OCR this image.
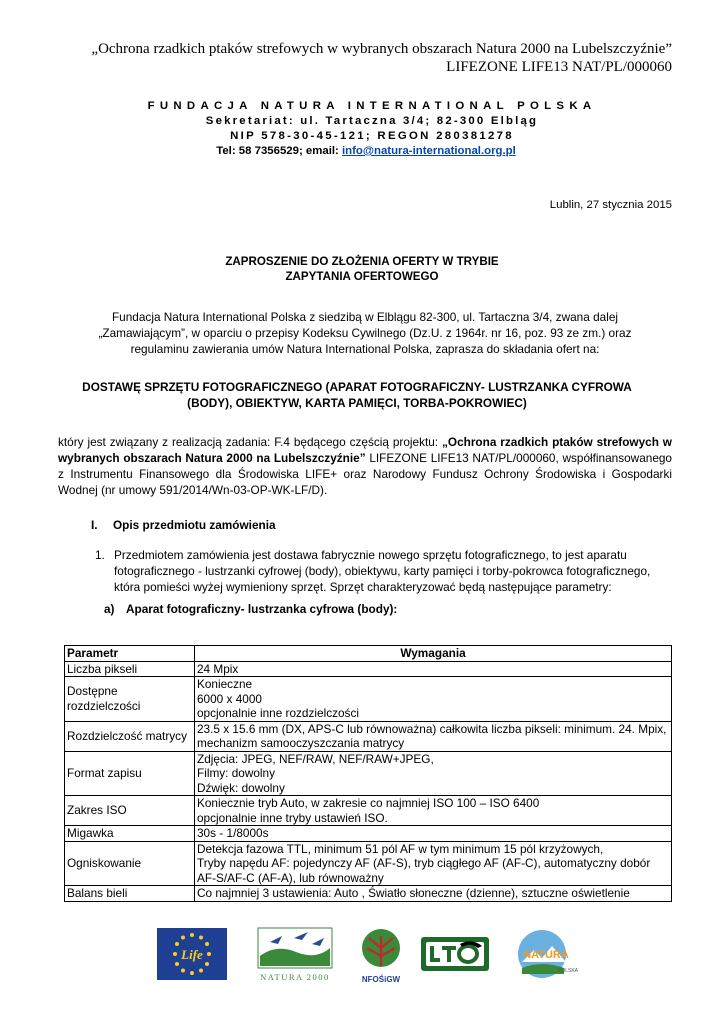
„Ochrona rzadkich ptaków strefowych w wybranych obszarach Natura 2000 na Lubelszczyźnie”
LIFEZONE LIFE13 NAT/PL/000060
FUNDACJA NATURA INTERNATIONAL POLSKA
Sekretariat: ul. Tartaczna 3/4; 82-300 Elbląg
NIP 578-30-45-121; REGON 280381278
Tel: 58 7356529; email: info@natura-international.org.pl
Lublin, 27 stycznia 2015
ZAPROSZENIE DO ZŁOŻENIA OFERTY W TRYBIE
ZAPYTANIA OFERTOWEGO
Fundacja Natura International Polska z siedzibą w Elblągu 82-300, ul. Tartaczna 3/4, zwana dalej
„Zamawiającym”, w oparciu o przepisy Kodeksu Cywilnego (Dz.U. z 1964r. nr 16, poz. 93 ze zm.) oraz
regulaminu zawierania umów Natura International Polska, zaprasza do składania ofert na:
DOSTAWĘ SPRZĘTU FOTOGRAFICZNEGO (APARAT FOTOGRAFICZNY- LUSTRZANKA CYFROWA
(BODY), OBIEKTYW, KARTA PAMIĘCI, TORBA-POKROWIEC)
który jest związany z realizacją zadania: F.4 będącego częścią projektu: „Ochrona rzadkich ptaków strefowych w wybranych obszarach Natura 2000 na Lubelszczyźnie” LIFEZONE LIFE13 NAT/PL/000060, współfinansowanego z Instrumentu Finansowego dla Środowiska LIFE+ oraz Narodowy Fundusz Ochrony Środowiska i Gospodarki Wodnej (nr umowy 591/2014/Wn-03-OP-WK-LF/D).
I. Opis przedmiotu zamówienia
1. Przedmiotem zamówienia jest dostawa fabrycznie nowego sprzętu fotograficznego, to jest aparatu fotograficznego - lustrzanki cyfrowej (body), obiektywu, karty pamięci i torby-pokrowca fotograficznego, która pomieści wyżej wymieniony sprzęt. Sprzęt charakteryzować będą następujące parametry:
a) Aparat fotograficzny- lustrzanka cyfrowa (body):
Parametr	Wymagania
Liczba pikseli	24 Mpix

Dostępne rozdzielczości	Konieczne
6000 x 4000
opcjonalnie inne rozdzielczości

Rozdzielczość matrycy	23.5 x 15.6 mm (DX, APS-C lub równoważna) całkowita liczba pikseli: minimum. 24. Mpix,
mechanizm samooczyszczania matrycy

Format zapisu	Zdjęcia: JPEG, NEF/RAW, NEF/RAW+JPEG,
Filmy: dowolny
Dźwięk: dowolny

Zakres ISO	Koniecznie tryb Auto, w zakresie co najmniej ISO 100 – ISO 6400
opcjonalnie inne tryby ustawień ISO.

Migawka	30s - 1/8000s

Ogniskowanie	Detekcja fazowa TTL, minimum 51 pól AF w tym minimum 15 pól krzyżowych,
Tryby napędu AF: pojedynczy AF (AF-S), tryb ciągłego AF (AF-C), automatyczny dobór AF-S/AF-C (AF-A), lub równoważny

Balans bieli	Co najmniej 3 ustawienia: Auto , Światło słoneczne (dzienne), sztuczne oświetlenie
Life
NATURA 2000	NFOŚiGW
NATURA
POLSKA
